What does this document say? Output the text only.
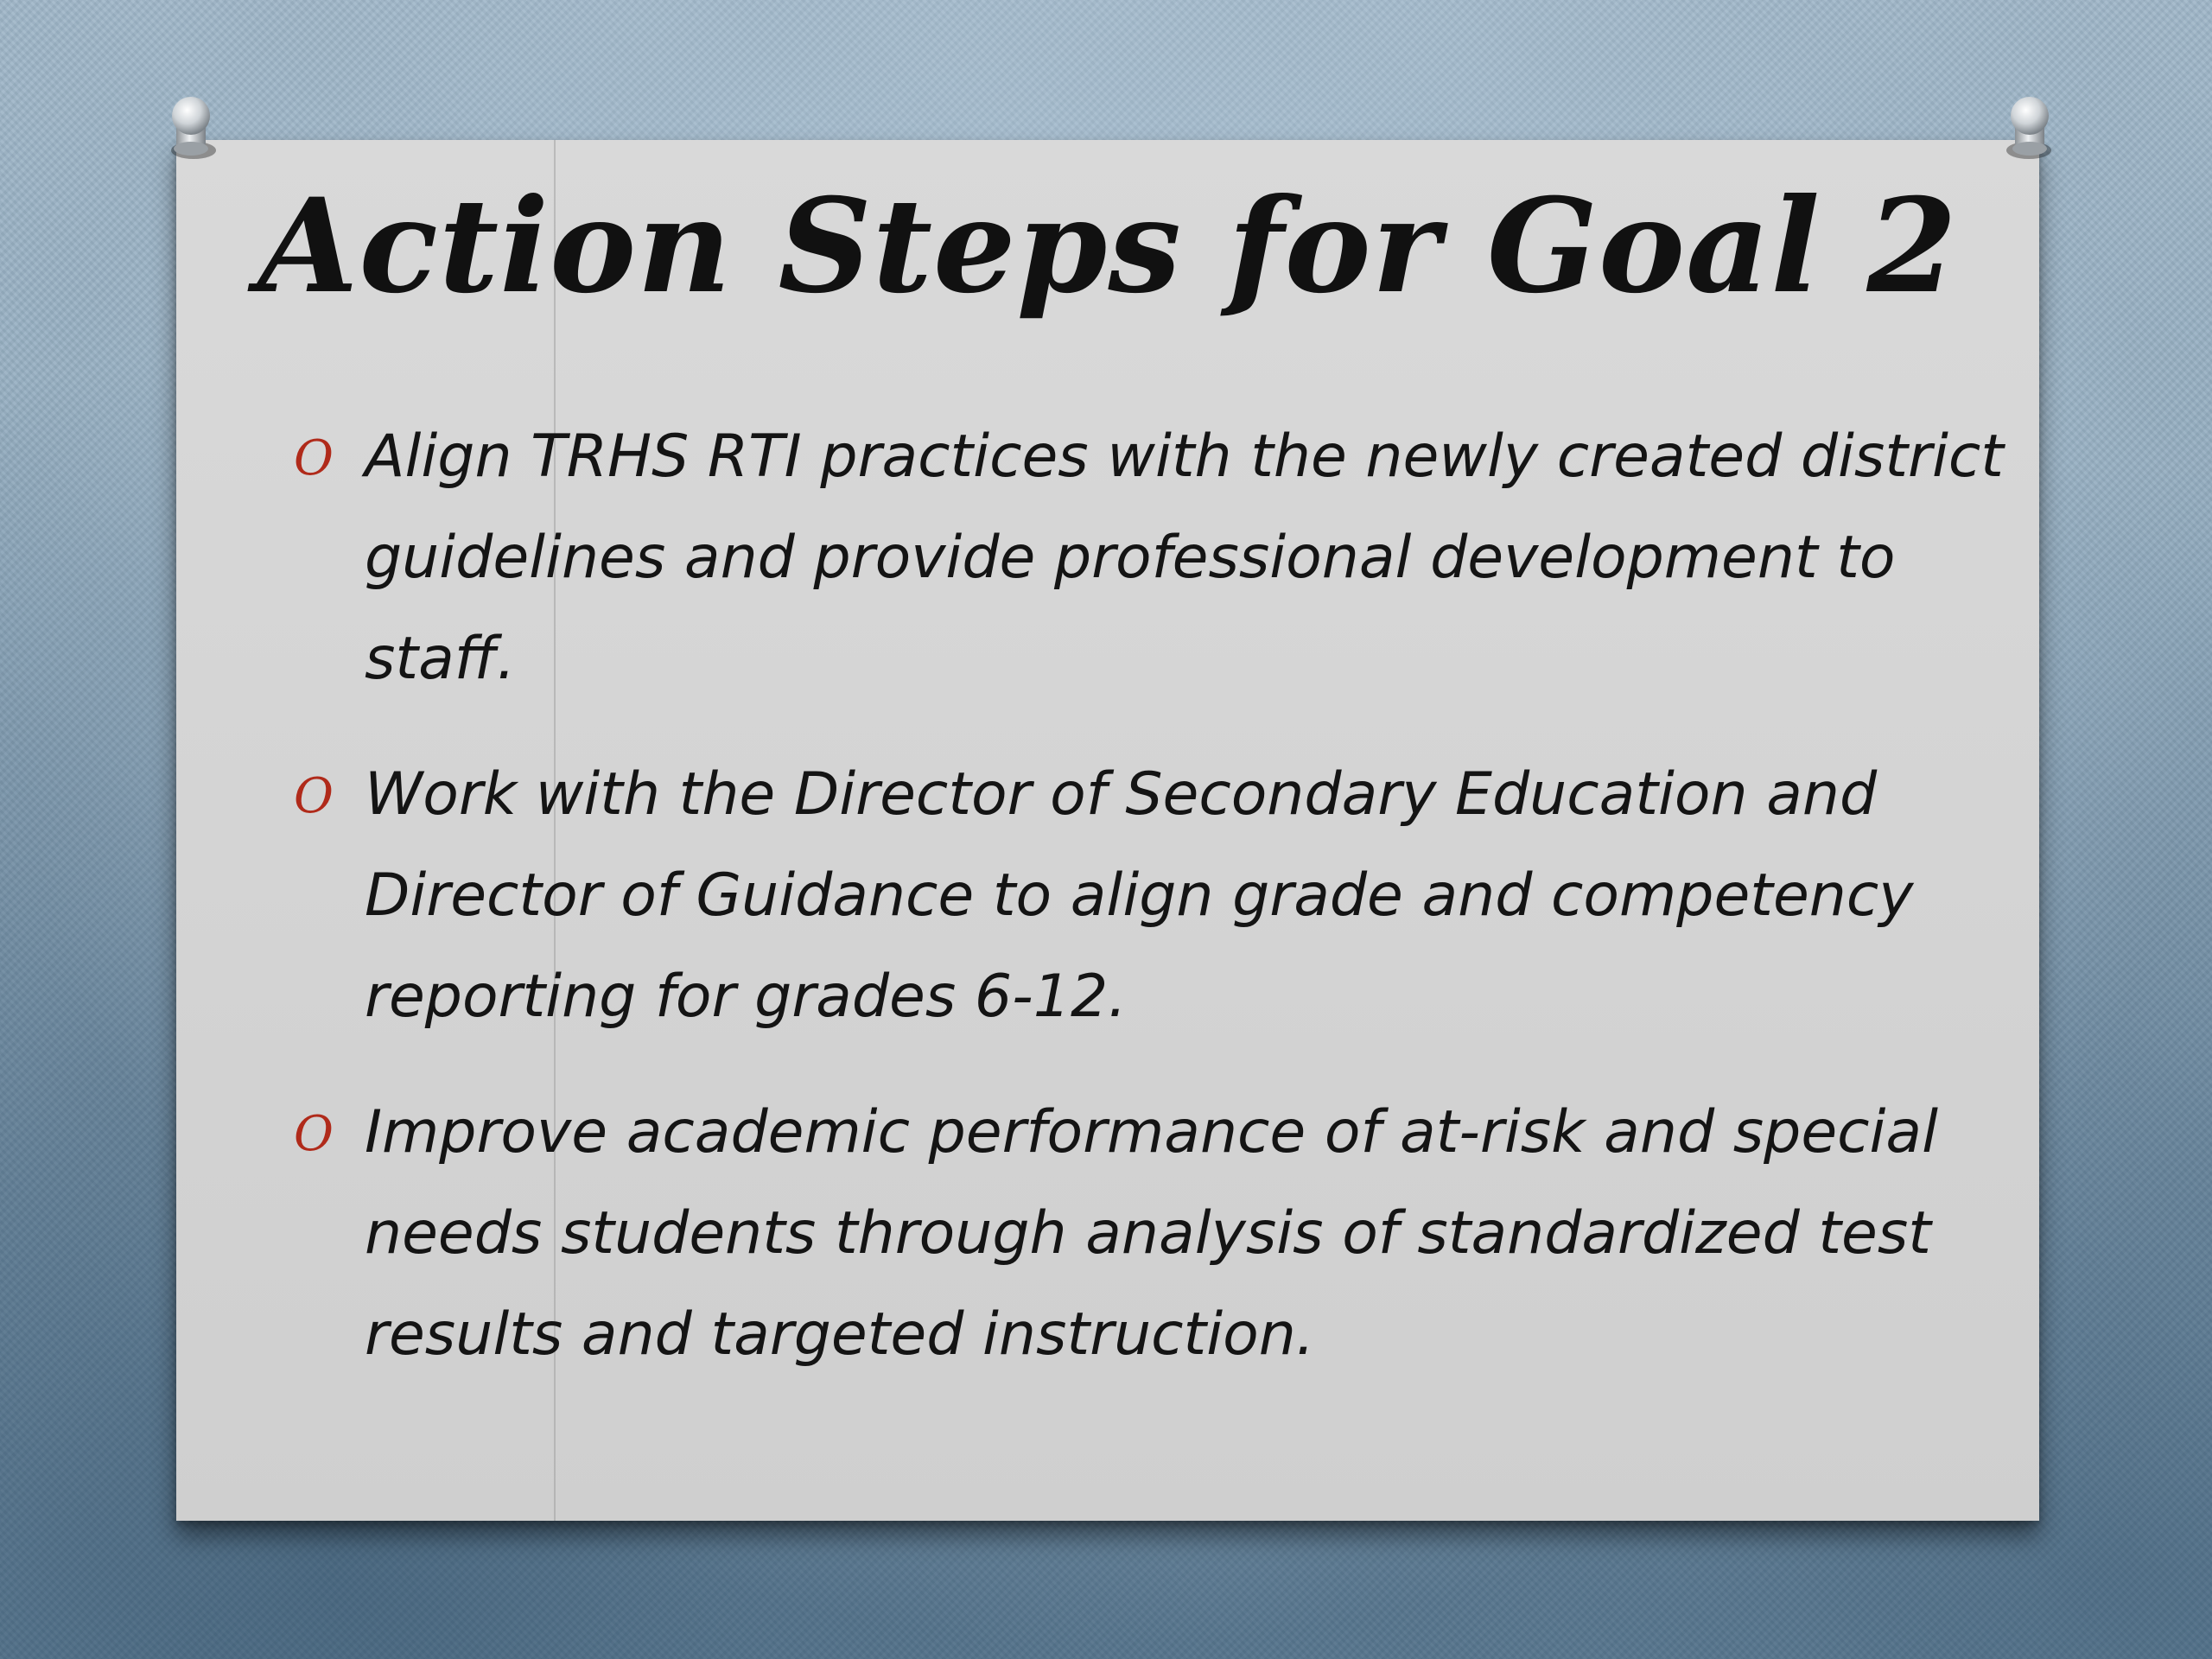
Action Steps for Goal 2
O Align TRHS RTI practices with the newly created district guidelines and provide professional development to staff.
O Work with the Director of Secondary Education and Director of Guidance to align grade and competency reporting for grades 6-12.
O Improve academic performance of at-risk and special needs students through analysis of standardized test results and targeted instruction.
